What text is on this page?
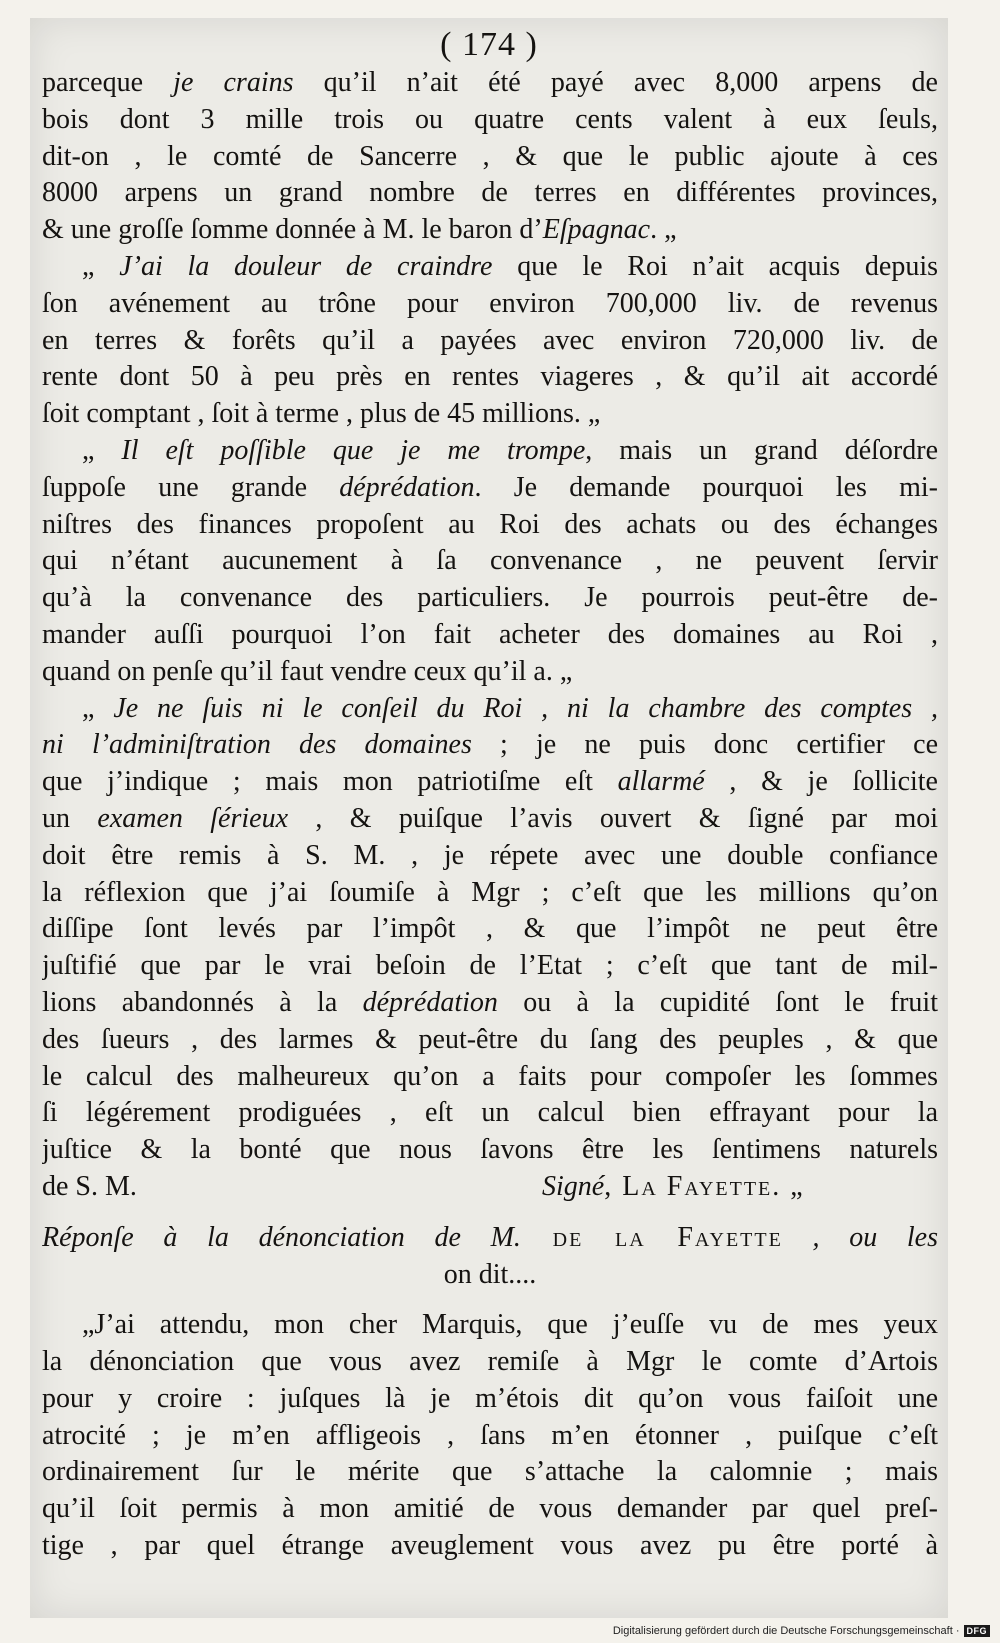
( 174 )
parceque je crains qu’il n’ait été payé avec 8,000 arpens de
bois dont 3 mille trois ou quatre cents valent à eux ſeuls,
dit-on , le comté de Sancerre , & que le public ajoute à ces
8000 arpens un grand nombre de terres en différentes provinces,
& une groſſe ſomme donnée à M. le baron d’Eſpagnac. „
„ J’ai la douleur de craindre que le Roi n’ait acquis depuis
ſon avénement au trône pour environ 700,000 liv. de revenus
en terres & forêts qu’il a payées avec environ 720,000 liv. de
rente dont 50 à peu près en rentes viageres , & qu’il ait accordé
ſoit comptant , ſoit à terme , plus de 45 millions. „
„ Il eſt poſſible que je me trompe, mais un grand déſordre
ſuppoſe une grande déprédation. Je demande pourquoi les mi-
niſtres des finances propoſent au Roi des achats ou des échanges
qui n’étant aucunement à ſa convenance , ne peuvent ſervir
qu’à la convenance des particuliers. Je pourrois peut-être de-
mander auſſi pourquoi l’on fait acheter des domaines au Roi ,
quand on penſe qu’il faut vendre ceux qu’il a. „
„ Je ne ſuis ni le conſeil du Roi , ni la chambre des comptes ,
ni l’adminiſtration des domaines ; je ne puis donc certifier ce
que j’indique ; mais mon patriotiſme eſt allarmé , & je ſollicite
un examen ſérieux , & puiſque l’avis ouvert & ſigné par moi
doit être remis à S. M. , je répete avec une double confiance
la réflexion que j’ai ſoumiſe à Mgr ; c’eſt que les millions qu’on
diſſipe ſont levés par l’impôt , & que l’impôt ne peut être
juſtifié que par le vrai beſoin de l’Etat ; c’eſt que tant de mil-
lions abandonnés à la déprédation ou à la cupidité ſont le fruit
des ſueurs , des larmes & peut-être du ſang des peuples , & que
le calcul des malheureux qu’on a faits pour compoſer les ſommes
ſi légérement prodiguées , eſt un calcul bien effrayant pour la
juſtice & la bonté que nous ſavons être les ſentimens naturels
de S. M.	Signé, La Fayette. „
Réponſe à la dénonciation de M. de la Fayette , ou les
on dit....
„J’ai attendu, mon cher Marquis, que j’euſſe vu de mes yeux
la dénonciation que vous avez remiſe à Mgr le comte d’Artois
pour y croire : juſques là je m’étois dit qu’on vous faiſoit une
atrocité ; je m’en affligeois , ſans m’en étonner , puiſque c’eſt
ordinairement ſur le mérite que s’attache la calomnie ; mais
qu’il ſoit permis à mon amitié de vous demander par quel preſ-
tige , par quel étrange aveuglement vous avez pu être porté à
Digitalisierung gefördert durch die Deutsche Forschungsgemeinschaft · DFG
